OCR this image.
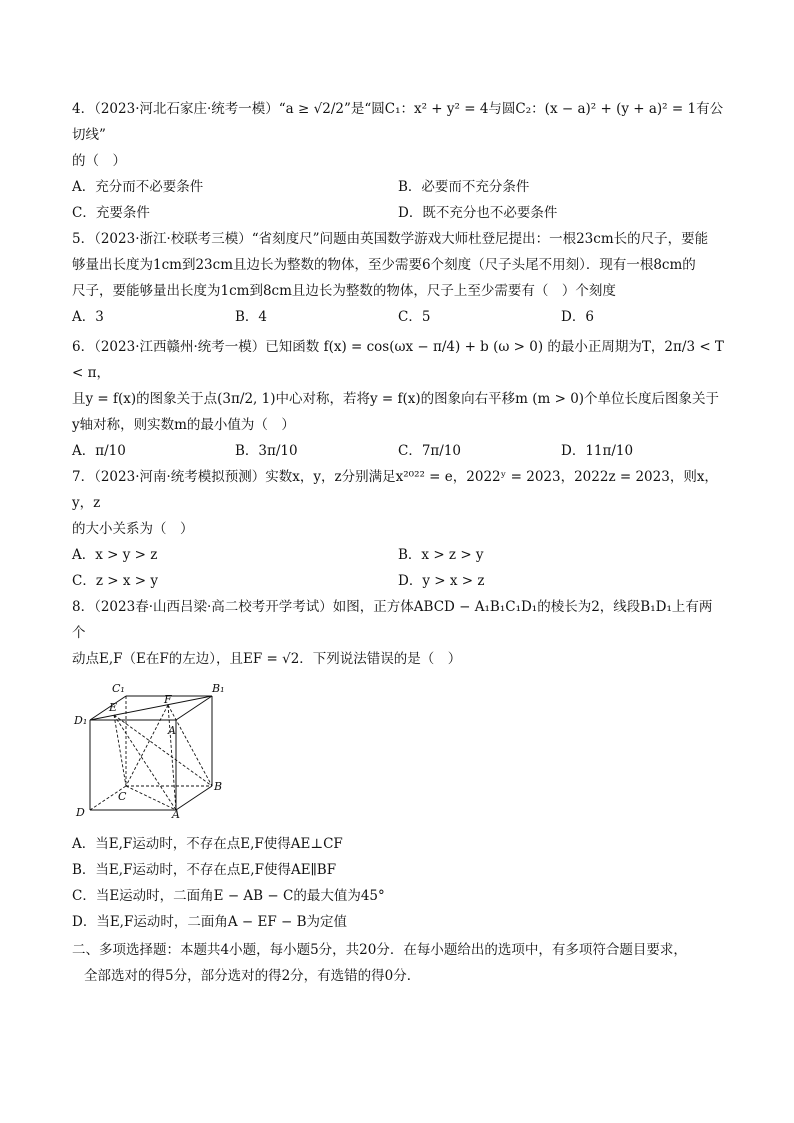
4．（2023·河北石家庄·统考一模）“a ≥ √2/2”是“圆C₁：x² + y² = 4与圆C₂：(x − a)² + (y + a)² = 1有公切线”

的（　）

A．充分而不必要条件	B．必要而不充分条件
C．充要条件	D．既不充分也不必要条件

5．（2023·浙江·校联考三模）“省刻度尺”问题由英国数学游戏大师杜登尼提出：一根23cm长的尺子，要能

够量出长度为1cm到23cm且边长为整数的物体，至少需要6个刻度（尺子头尾不用刻）．现有一根8cm的

尺子，要能够量出长度为1cm到8cm且边长为整数的物体，尺子上至少需要有（　）个刻度

A．3	B．4	C．5	D．6

6．（2023·江西赣州·统考一模）已知函数 f(x) = cos(ωx − π/4) + b (ω > 0) 的最小正周期为T，2π/3 < T < π，

且y = f(x)的图象关于点(3π/2, 1)中心对称，若将y = f(x)的图象向右平移m (m > 0)个单位长度后图象关于

y轴对称，则实数m的最小值为（　）

A．π/10	B．3π/10	C．7π/10	D．11π/10

7．（2023·河南·统考模拟预测）实数x，y，z分别满足x²⁰²² = e，2022ʸ = 2023，2022z = 2023，则x，y，z

的大小关系为（　）

A．x > y > z	B．x > z > y
C．z > x > y	D．y > x > z

8．（2023春·山西吕梁·高二校考开学考试）如图，正方体ABCD − A₁B₁C₁D₁的棱长为2，线段B₁D₁上有两个

动点E,F（E在F的左边），且EF = √2．下列说法错误的是（　）

C₁	B₁
D₁
E
F
A
B
C
D	A

A．当E,F运动时，不存在点E,F使得AE⊥CF

B．当E,F运动时，不存在点E,F使得AE∥BF

C．当E运动时，二面角E − AB − C的最大值为45°

D．当E,F运动时，二面角A − EF − B为定值

二、多项选择题：本题共4小题，每小题5分，共20分．在每小题给出的选项中，有多项符合题目要求，

全部选对的得5分，部分选对的得2分，有选错的得0分．
